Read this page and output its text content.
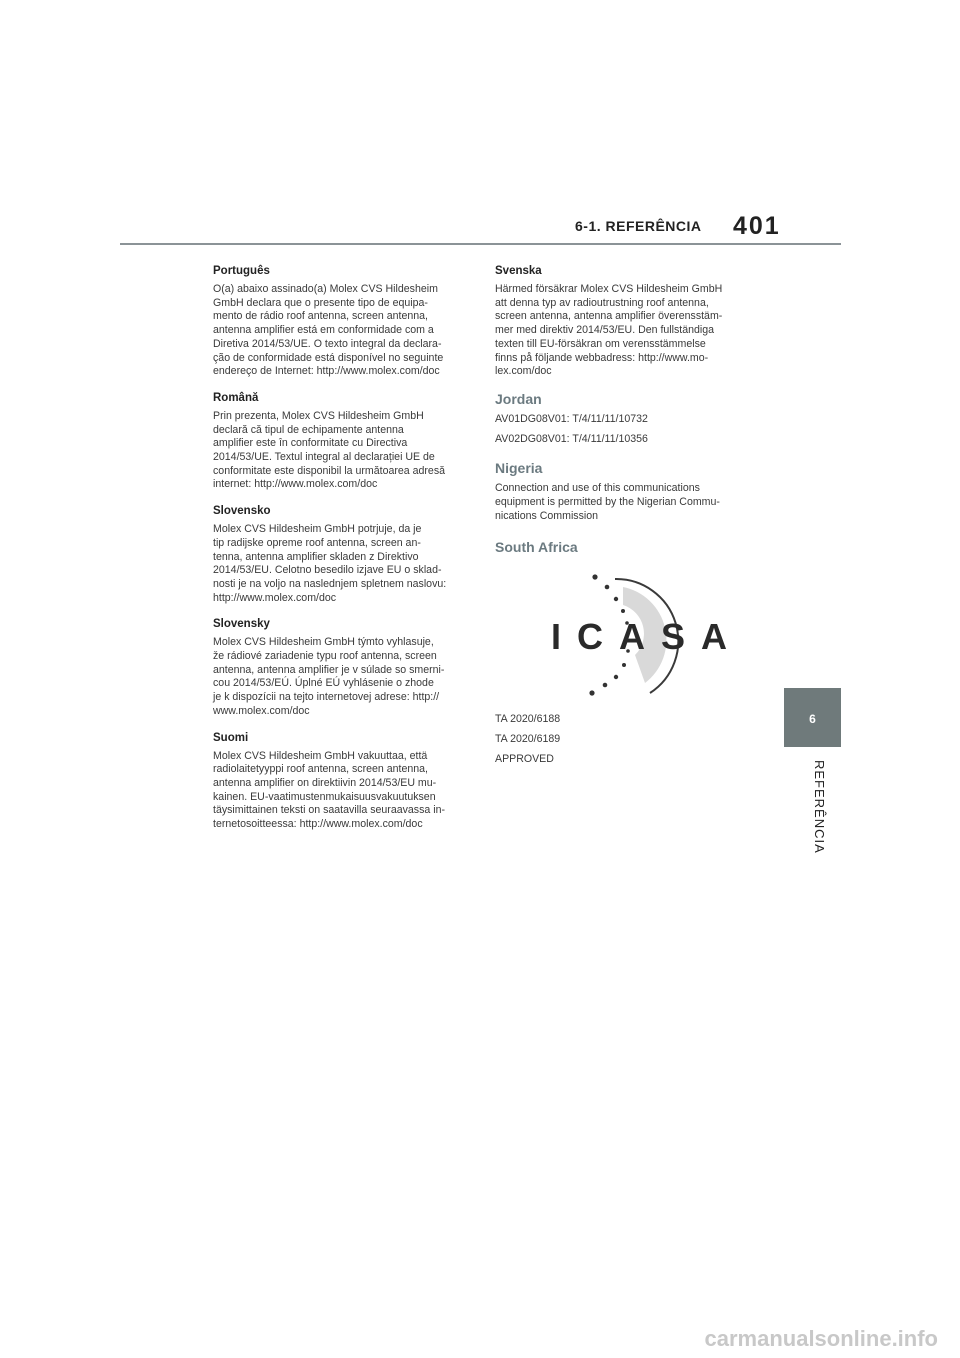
6-1. REFERÊNCIA 401
Português
O(a) abaixo assinado(a) Molex CVS Hildesheim
GmbH declara que o presente tipo de equipa-
mento de rádio roof antenna, screen antenna,
antenna amplifier está em conformidade com a
Diretiva 2014/53/UE. O texto integral da declara-
ção de conformidade está disponível no seguinte
endereço de Internet: http://www.molex.com/doc
Română
Prin prezenta, Molex CVS Hildesheim GmbH
declară că tipul de echipamente antenna
amplifier este în conformitate cu Directiva
2014/53/UE. Textul integral al declarației UE de
conformitate este disponibil la următoarea adresă
internet: http://www.molex.com/doc
Slovensko
Molex CVS Hildesheim GmbH potrjuje, da je
tip radijske opreme roof antenna, screen an-
tenna, antenna amplifier skladen z Direktivo
2014/53/EU. Celotno besedilo izjave EU o sklad-
nosti je na voljo na naslednjem spletnem naslovu:
http://www.molex.com/doc
Slovensky
Molex CVS Hildesheim GmbH týmto vyhlasuje,
že rádiové zariadenie typu roof antenna, screen
antenna, antenna amplifier je v súlade so smerni-
cou 2014/53/EÚ. Úplné EÚ vyhlásenie o zhode
je k dispozícii na tejto internetovej adrese: http://
www.molex.com/doc
Suomi
Molex CVS Hildesheim GmbH vakuuttaa, että
radiolaitetyyppi roof antenna, screen antenna,
antenna amplifier on direktiivin 2014/53/EU mu-
kainen. EU-vaatimustenmukaisuusvakuutuksen
täysimittainen teksti on saatavilla seuraavassa in-
ternetosoitteessa: http://www.molex.com/doc
Svenska
Härmed försäkrar Molex CVS Hildesheim GmbH
att denna typ av radioutrustning roof antenna,
screen antenna, antenna amplifier överensstäm-
mer med direktiv 2014/53/EU. Den fullständiga
texten till EU-försäkran om verensstämmelse
finns på följande webbadress: http://www.mo-
lex.com/doc
Jordan
AV01DG08V01: T/4/11/11/10732
AV02DG08V01: T/4/11/11/10356
Nigeria
Connection and use of this communications
equipment is permitted by the Nigerian Commu-
nications Commission
South Africa
ICASA
TA 2020/6188
TA 2020/6189
APPROVED
6
REFERÊNCIA
carmanualsonline.info
